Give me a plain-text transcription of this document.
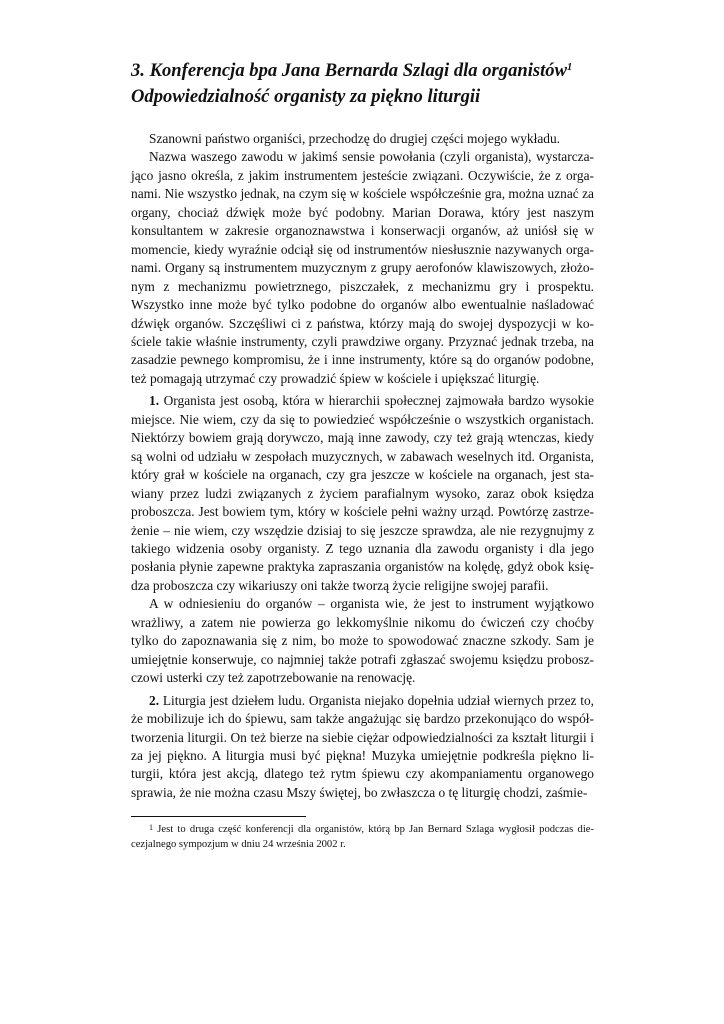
3. Konferencja bpa Jana Bernarda Szlagi dla organistów$^1$
Odpowiedzialność organisty za piękno liturgii

Szanowni państwo organiści, przechodzę do drugiej części mojego wykładu.

Nazwa waszego zawodu w jakimś sensie powołania (czyli organista), wystarcza-jąco jasno określa, z jakim instrumentem jesteście związani. Oczywiście, że z orga-nami. Nie wszystko jednak, na czym się w kościele współcześnie gra, można uznać za organy, chociaż dźwięk może być podobny. Marian Dorawa, który jest naszym konsultantem w zakresie organoznawstwa i konserwacji organów, aż uniósł się w momencie, kiedy wyraźnie odciął się od instrumentów niesłusznie nazywanych orga-nami. Organy są instrumentem muzycznym z grupy aerofonów klawiszowych, złożo-nym z mechanizmu powietrznego, piszczałek, z mechanizmu gry i prospektu. Wszystko inne może być tylko podobne do organów albo ewentualnie naśladować dźwięk organów. Szczęśliwi ci z państwa, którzy mają do swojej dyspozycji w ko-ściele takie właśnie instrumenty, czyli prawdziwe organy. Przyznać jednak trzeba, na zasadzie pewnego kompromisu, że i inne instrumenty, które są do organów podobne, też pomagają utrzymać czy prowadzić śpiew w kościele i upiększać liturgię.

1. Organista jest osobą, która w hierarchii społecznej zajmowała bardzo wysokie miejsce. Nie wiem, czy da się to powiedzieć współcześnie o wszystkich organistach. Niektórzy bowiem grają dorywczo, mają inne zawody, czy też grają wtenczas, kiedy są wolni od udziału w zespołach muzycznych, w zabawach weselnych itd. Organista, który grał w kościele na organach, czy gra jeszcze w kościele na organach, jest sta-wiany przez ludzi związanych z życiem parafialnym wysoko, zaraz obok księdza proboszcza. Jest bowiem tym, który w kościele pełni ważny urząd. Powtórzę zastrze-żenie – nie wiem, czy wszędzie dzisiaj to się jeszcze sprawdza, ale nie rezygnujmy z takiego widzenia osoby organisty. Z tego uznania dla zawodu organisty i dla jego posłania płynie zapewne praktyka zapraszania organistów na kolędę, gdyż obok księ-dza proboszcza czy wikariuszy oni także tworzą życie religijne swojej parafii.

A w odniesieniu do organów – organista wie, że jest to instrument wyjątkowo wrażliwy, a zatem nie powierza go lekkomyślnie nikomu do ćwiczeń czy choćby tylko do zapoznawania się z nim, bo może to spowodować znaczne szkody. Sam je umiejętnie konserwuje, co najmniej także potrafi zgłaszać swojemu księdzu probosz-czowi usterki czy też zapotrzebowanie na renowację.

2. Liturgia jest dziełem ludu. Organista niejako dopełnia udział wiernych przez to, że mobilizuje ich do śpiewu, sam także angażując się bardzo przekonująco do współ-tworzenia liturgii. On też bierze na siebie ciężar odpowiedzialności za kształt liturgii i za jej piękno. A liturgia musi być piękna! Muzyka umiejętnie podkreśla piękno li-turgii, która jest akcją, dlatego też rytm śpiewu czy akompaniamentu organowego sprawia, że nie można czasu Mszy świętej, bo zwłaszcza o tę liturgię chodzi, zaśmie-

$^1$ Jest to druga część konferencji dla organistów, którą bp Jan Bernard Szlaga wygłosił podczas die-cezjalnego sympozjum w dniu 24 września 2002 r.
